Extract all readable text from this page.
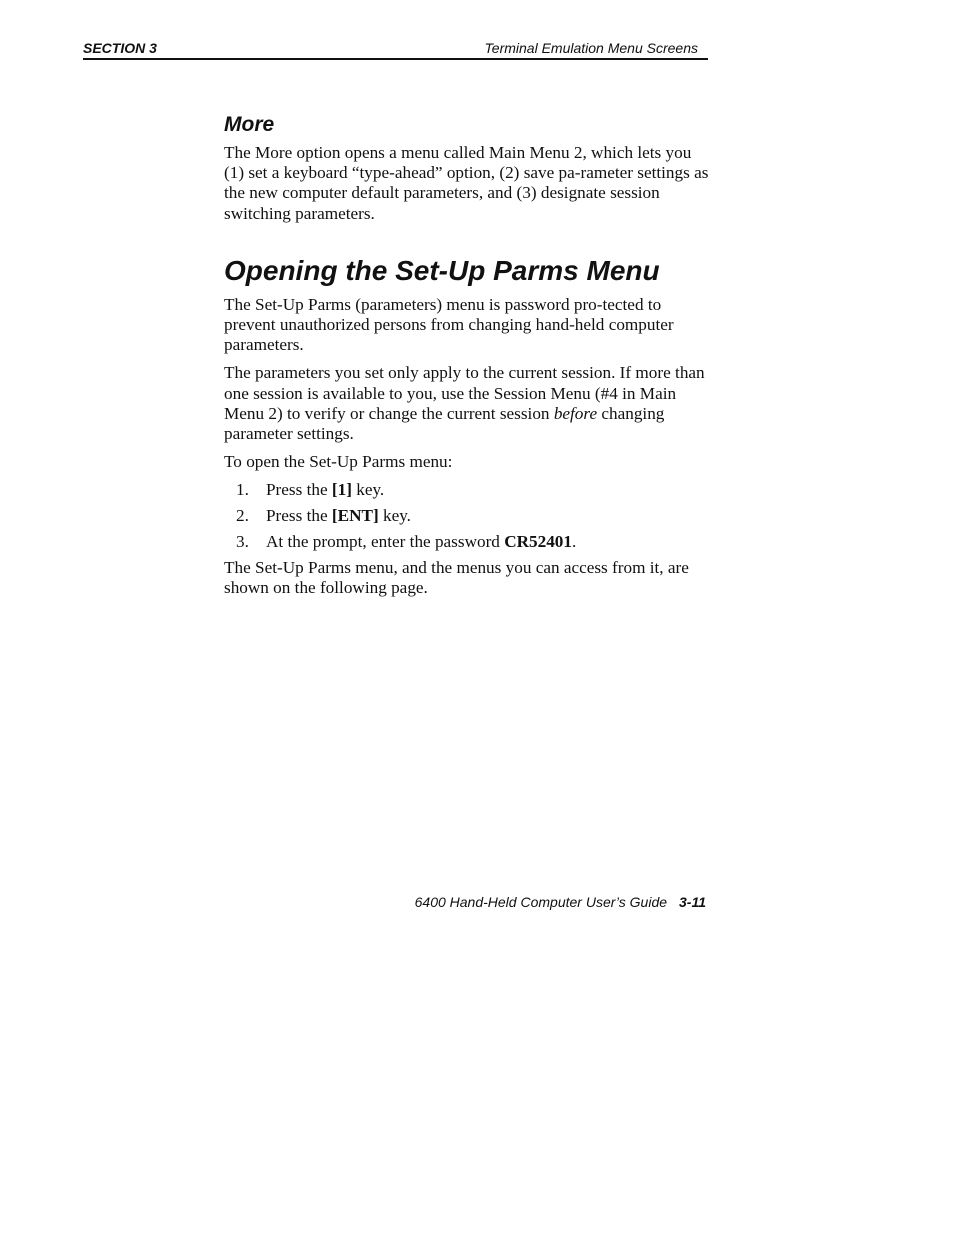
SECTION 3	Terminal Emulation Menu Screens
More

The More option opens a menu called Main Menu 2, which lets you (1) set a keyboard “type-ahead” option, (2) save pa-rameter settings as the new computer default parameters, and (3) designate session switching parameters.

Opening the Set-Up Parms Menu

The Set-Up Parms (parameters) menu is password pro-tected to prevent unauthorized persons from changing hand-held computer parameters.

The parameters you set only apply to the current session. If more than one session is available to you, use the Session Menu (#4 in Main Menu 2) to verify or change the current session before changing parameter settings.

To open the Set-Up Parms menu:

1. Press the [1] key.
2. Press the [ENT] key.
3. At the prompt, enter the password CR52401.

The Set-Up Parms menu, and the menus you can access from it, are shown on the following page.

6400 Hand-Held Computer User’s Guide 3-11
